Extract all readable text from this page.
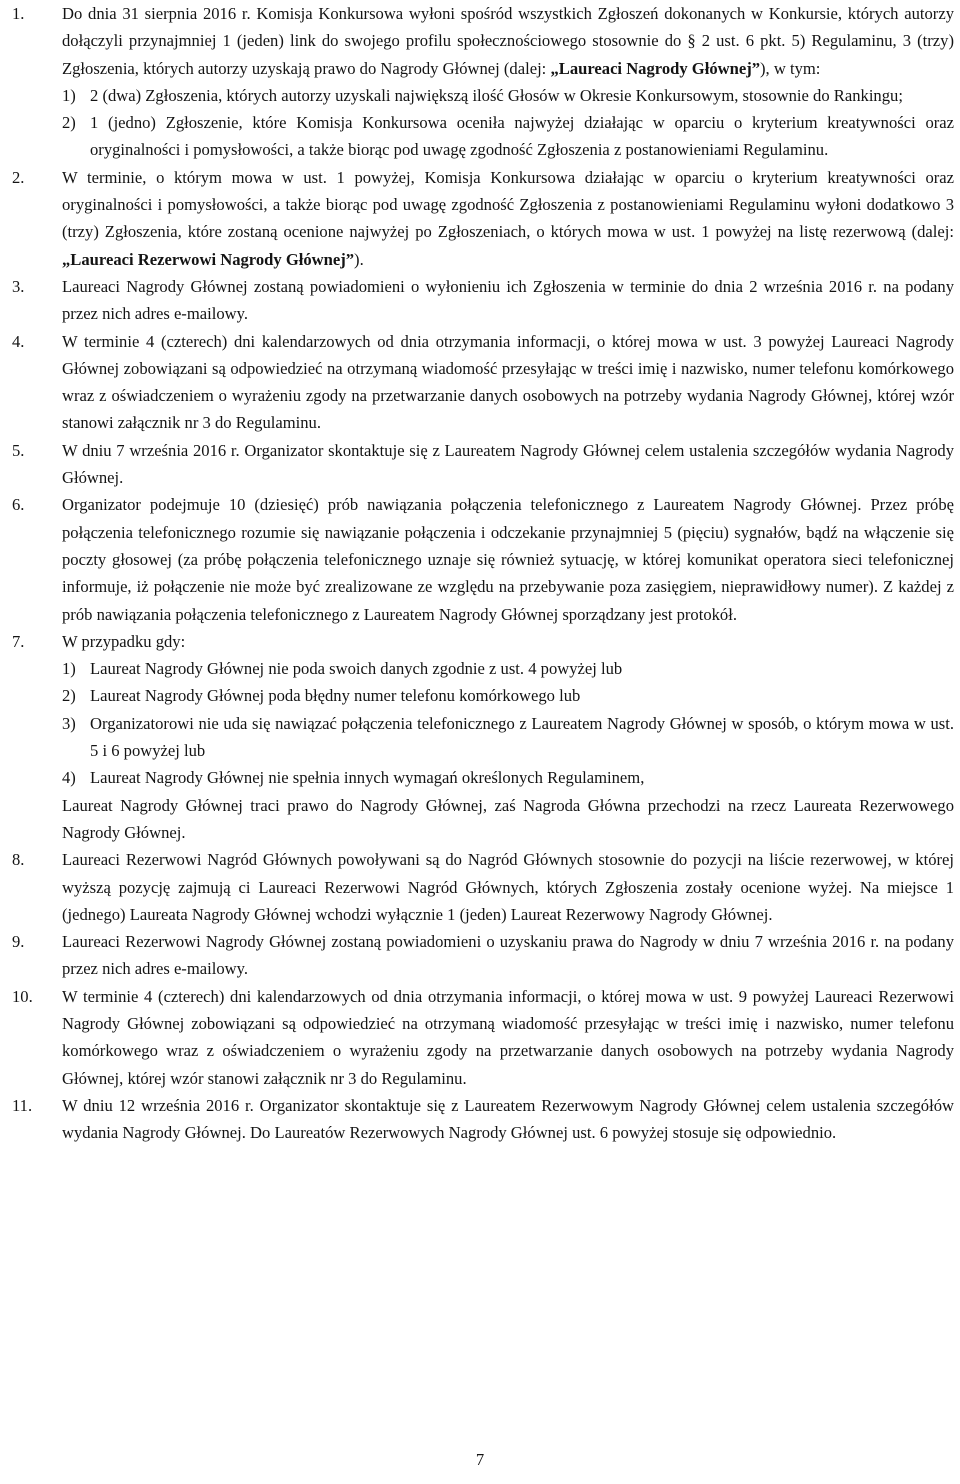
1.	Do dnia 31 sierpnia 2016 r. Komisja Konkursowa wyłoni spośród wszystkich Zgłoszeń dokonanych w Konkursie, których autorzy dołączyli przynajmniej 1 (jeden) link do swojego profilu społecznościowego stosownie do § 2 ust. 6 pkt. 5) Regulaminu, 3 (trzy) Zgłoszenia, których autorzy uzyskają prawo do Nagrody Głównej (dalej: „Laureaci Nagrody Głównej”), w tym:
1) 2 (dwa) Zgłoszenia, których autorzy uzyskali największą ilość Głosów w Okresie Konkursowym, stosownie do Rankingu;
2) 1 (jedno) Zgłoszenie, które Komisja Konkursowa oceniła najwyżej działając w oparciu o kryterium kreatywności oraz oryginalności i pomysłowości, a także biorąc pod uwagę zgodność Zgłoszenia z postanowieniami Regulaminu.
2.	W terminie, o którym mowa w ust. 1 powyżej, Komisja Konkursowa działając w oparciu o kryterium kreatywności oraz oryginalności i pomysłowości, a także biorąc pod uwagę zgodność Zgłoszenia z postanowieniami Regulaminu wyłoni dodatkowo 3 (trzy) Zgłoszenia, które zostaną ocenione najwyżej po Zgłoszeniach, o których mowa w ust. 1 powyżej na listę rezerwową (dalej: „Laureaci Rezerwowi Nagrody Głównej”).
3.	Laureaci Nagrody Głównej zostaną powiadomieni o wyłonieniu ich Zgłoszenia w terminie do dnia 2 września 2016 r. na podany przez nich adres e-mailowy.
4.	W terminie 4 (czterech) dni kalendarzowych od dnia otrzymania informacji, o której mowa w ust. 3 powyżej Laureaci Nagrody Głównej zobowiązani są odpowiedzieć na otrzymaną wiadomość przesyłając w treści imię i nazwisko, numer telefonu komórkowego wraz z oświadczeniem o wyrażeniu zgody na przetwarzanie danych osobowych na potrzeby wydania Nagrody Głównej, której wzór stanowi załącznik nr 3 do Regulaminu.
5.	W dniu 7 września 2016 r. Organizator skontaktuje się z Laureatem Nagrody Głównej celem ustalenia szczegółów wydania Nagrody Głównej.
6.	Organizator podejmuje 10 (dziesięć) prób nawiązania połączenia telefonicznego z Laureatem Nagrody Głównej. Przez próbę połączenia telefonicznego rozumie się nawiązanie połączenia i odczekanie przynajmniej 5 (pięciu) sygnałów, bądź na włączenie się poczty głosowej (za próbę połączenia telefonicznego uznaje się również sytuację, w której komunikat operatora sieci telefonicznej informuje, iż połączenie nie może być zrealizowane ze względu na przebywanie poza zasięgiem, nieprawidłowy numer). Z każdej z prób nawiązania połączenia telefonicznego z Laureatem Nagrody Głównej sporządzany jest protokół.
7.	W przypadku gdy:
1) Laureat Nagrody Głównej nie poda swoich danych zgodnie z ust. 4 powyżej lub
2) Laureat Nagrody Głównej poda błędny numer telefonu komórkowego lub
3) Organizatorowi nie uda się nawiązać połączenia telefonicznego z Laureatem Nagrody Głównej w sposób, o którym mowa w ust. 5 i 6 powyżej lub
4) Laureat Nagrody Głównej nie spełnia innych wymagań określonych Regulaminem,
Laureat Nagrody Głównej traci prawo do Nagrody Głównej, zaś Nagroda Główna przechodzi na rzecz Laureata Rezerwowego Nagrody Głównej.
8.	Laureaci Rezerwowi Nagród Głównych powoływani są do Nagród Głównych stosownie do pozycji na liście rezerwowej, w której wyższą pozycję zajmują ci Laureaci Rezerwowi Nagród Głównych, których Zgłoszenia zostały ocenione wyżej. Na miejsce 1 (jednego) Laureata Nagrody Głównej wchodzi wyłącznie 1 (jeden) Laureat Rezerwowy Nagrody Głównej.
9.	Laureaci Rezerwowi Nagrody Głównej zostaną powiadomieni o uzyskaniu prawa do Nagrody w dniu 7 września 2016 r. na podany przez nich adres e-mailowy.
10.	W terminie 4 (czterech) dni kalendarzowych od dnia otrzymania informacji, o której mowa w ust. 9 powyżej Laureaci Rezerwowi Nagrody Głównej zobowiązani są odpowiedzieć na otrzymaną wiadomość przesyłając w treści imię i nazwisko, numer telefonu komórkowego wraz z oświadczeniem o wyrażeniu zgody na przetwarzanie danych osobowych na potrzeby wydania Nagrody Głównej, której wzór stanowi załącznik nr 3 do Regulaminu.
11.	W dniu 12 września 2016 r. Organizator skontaktuje się z Laureatem Rezerwowym Nagrody Głównej celem ustalenia szczegółów wydania Nagrody Głównej. Do Laureatów Rezerwowych Nagrody Głównej ust. 6 powyżej stosuje się odpowiednio.
7
